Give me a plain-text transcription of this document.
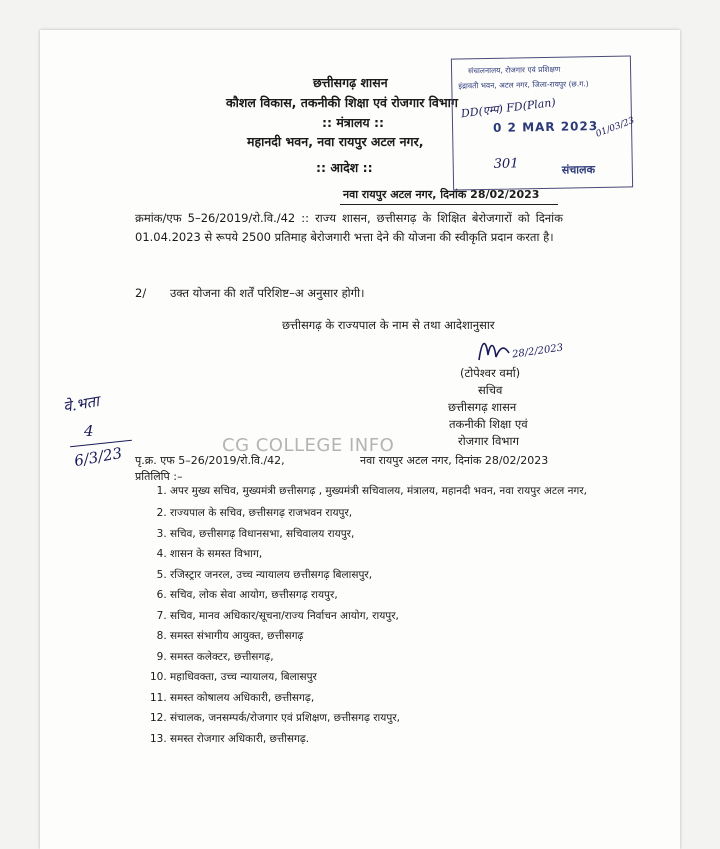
छत्तीसगढ़ शासन
कौशल विकास, तकनीकी शिक्षा एवं रोजगार विभाग
:: मंत्रालय ::
महानदी भवन, नवा रायपुर अटल नगर,
:: आदेश ::
नवा रायपुर अटल नगर, दिनांक 28/02/2023
संचालनालय, रोजगार एवं प्रशिक्षण
इंद्रावती भवन, अटल नगर, जिला-रायपुर (छ.ग.)
DD(एम्प) FD(Plan)
0 2 MAR 2023
301	संचालक
01/03/23
क्रमांक/एफ 5–26/2019/रो.वि./42 :: राज्य शासन, छत्तीसगढ़ के शिक्षित बेरोजगारों को दिनांक 01.04.2023 से रूपये 2500 प्रतिमाह बेरोजगारी भत्ता देने की योजना की स्वीकृति प्रदान करता है।
2/ उक्त योजना की शर्तें परिशिष्ट–अ अनुसार होगी।
छत्तीसगढ़ के राज्यपाल के नाम से तथा आदेशानुसार
28/2/2023
(टोपेश्वर वर्मा)
सचिव
छत्तीसगढ़ शासन
तकनीकी शिक्षा एवं
रोजगार विभाग
वे.भता
4
6/3/23	CG COLLEGE INFO
पृ.क्र. एफ 5–26/2019/रो.वि./42,	नवा रायपुर अटल नगर, दिनांक 28/02/2023
प्रतिलिपि :–
1. अपर मुख्य सचिव, मुख्यमंत्री छत्तीसगढ़ , मुख्यमंत्री सचिवालय, मंत्रालय, महानदी भवन, नवा रायपुर अटल नगर,
2. राज्यपाल के सचिव, छत्तीसगढ़ राजभवन रायपुर,
3. सचिव, छत्तीसगढ़ विधानसभा, सचिवालय रायपुर,
4. शासन के समस्त विभाग,
5. रजिस्ट्रार जनरल, उच्च न्यायालय छत्तीसगढ़ बिलासपुर,
6. सचिव, लोक सेवा आयोग, छत्तीसगढ़ रायपुर,
7. सचिव, मानव अधिकार/सूचना/राज्य निर्वाचन आयोग, रायपुर,
8. समस्त संभागीय आयुक्त, छत्तीसगढ़
9. समस्त कलेक्टर, छत्तीसगढ़,
10. महाधिवक्ता, उच्च न्यायालय, बिलासपुर
11. समस्त कोषालय अधिकारी, छत्तीसगढ़,
12. संचालक, जनसम्पर्क/रोजगार एवं प्रशिक्षण, छत्तीसगढ़ रायपुर,
13. समस्त रोजगार अधिकारी, छत्तीसगढ़.
